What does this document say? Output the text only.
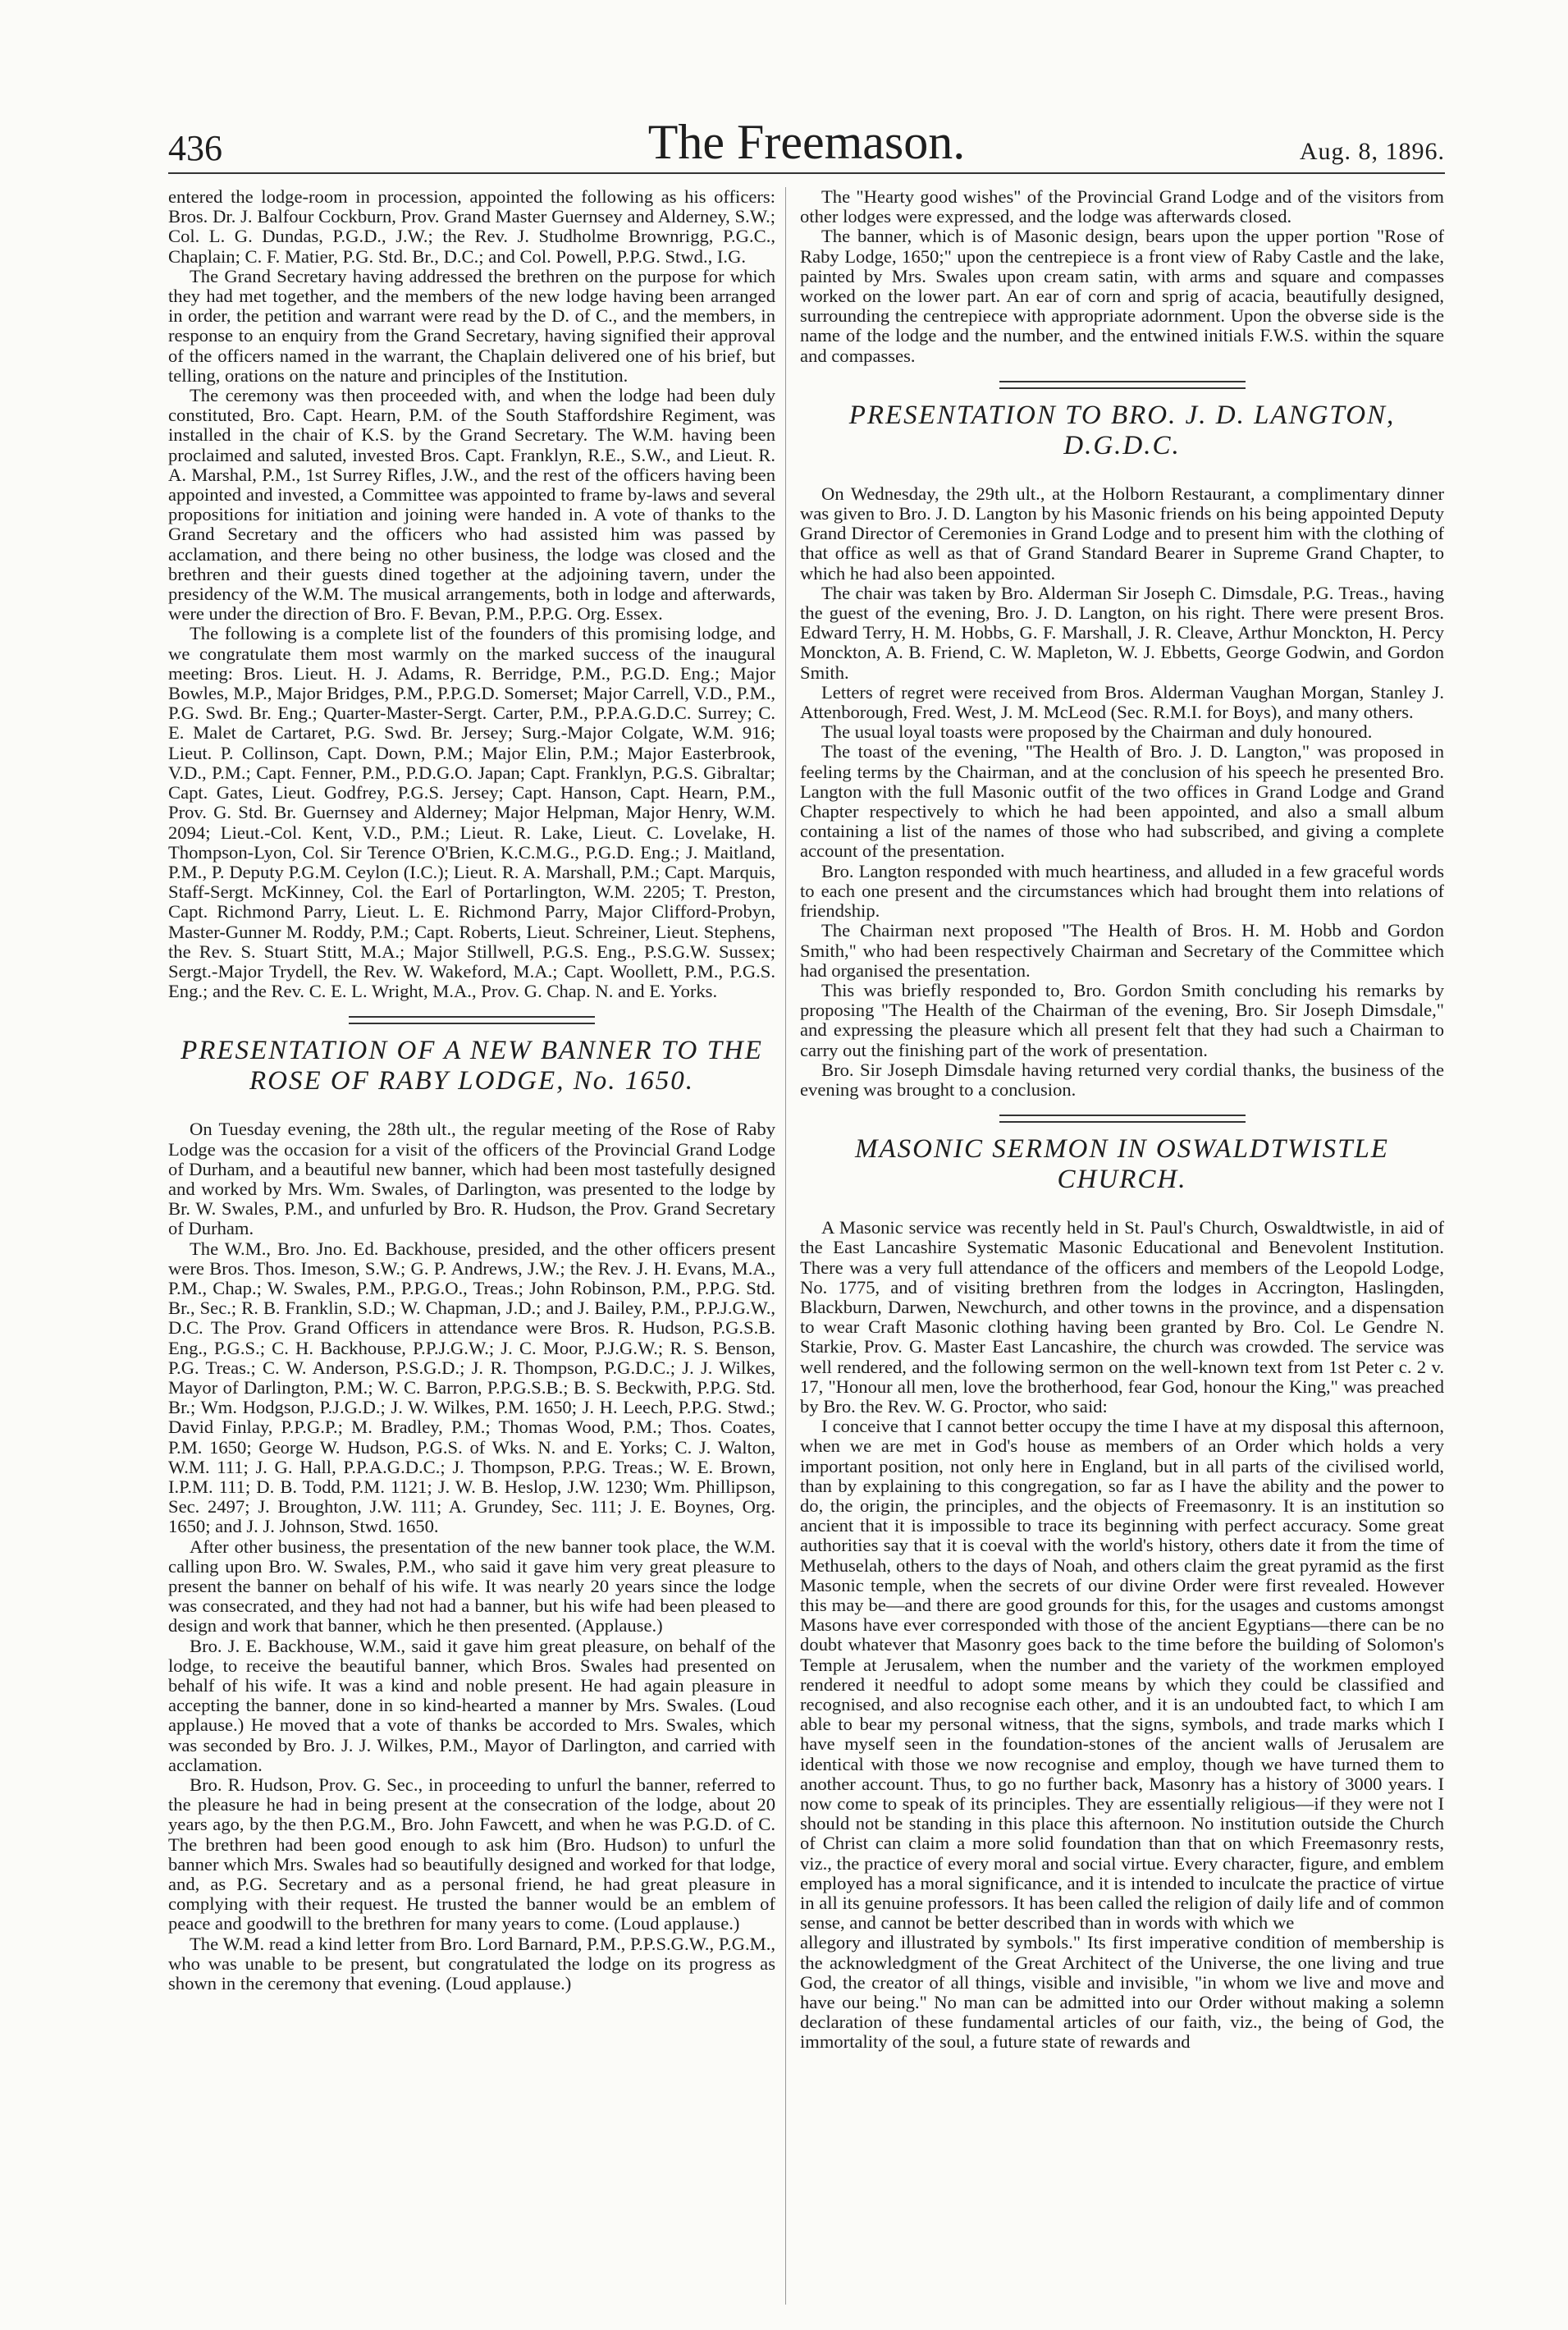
436	The Freemason.	Aug. 8, 1896.

entered the lodge-room in procession, appointed the following as his officers: Bros. Dr. J. Balfour Cockburn, Prov. Grand Master Guernsey and Alderney, S.W.; Col. L. G. Dundas, P.G.D., J.W.; the Rev. J. Studholme Brownrigg, P.G.C., Chaplain; C. F. Matier, P.G. Std. Br., D.C.; and Col. Powell, P.P.G. Stwd., I.G.

The Grand Secretary having addressed the brethren on the purpose for which they had met together, and the members of the new lodge having been arranged in order, the petition and warrant were read by the D. of C., and the members, in response to an enquiry from the Grand Secretary, having signified their approval of the officers named in the warrant, the Chaplain delivered one of his brief, but telling, orations on the nature and principles of the Institution.

The ceremony was then proceeded with, and when the lodge had been duly constituted, Bro. Capt. Hearn, P.M. of the South Staffordshire Regiment, was installed in the chair of K.S. by the Grand Secretary. The W.M. having been proclaimed and saluted, invested Bros. Capt. Franklyn, R.E., S.W., and Lieut. R. A. Marshal, P.M., 1st Surrey Rifles, J.W., and the rest of the officers having been appointed and invested, a Committee was appointed to frame by-laws and several propositions for initiation and joining were handed in. A vote of thanks to the Grand Secretary and the officers who had assisted him was passed by acclamation, and there being no other business, the lodge was closed and the brethren and their guests dined together at the adjoining tavern, under the presidency of the W.M. The musical arrangements, both in lodge and afterwards, were under the direction of Bro. F. Bevan, P.M., P.P.G. Org. Essex.

The following is a complete list of the founders of this promising lodge, and we congratulate them most warmly on the marked success of the inaugural meeting: Bros. Lieut. H. J. Adams, R. Berridge, P.M., P.G.D. Eng.; Major Bowles, M.P., Major Bridges, P.M., P.P.G.D. Somerset; Major Carrell, V.D., P.M., P.G. Swd. Br. Eng.; Quarter-Master-Sergt. Carter, P.M., P.P.A.G.D.C. Surrey; C. E. Malet de Cartaret, P.G. Swd. Br. Jersey; Surg.-Major Colgate, W.M. 916; Lieut. P. Collinson, Capt. Down, P.M.; Major Elin, P.M.; Major Easterbrook, V.D., P.M.; Capt. Fenner, P.M., P.D.G.O. Japan; Capt. Franklyn, P.G.S. Gibraltar; Capt. Gates, Lieut. Godfrey, P.G.S. Jersey; Capt. Hanson, Capt. Hearn, P.M., Prov. G. Std. Br. Guernsey and Alderney; Major Helpman, Major Henry, W.M. 2094; Lieut.-Col. Kent, V.D., P.M.; Lieut. R. Lake, Lieut. C. Lovelake, H. Thompson-Lyon, Col. Sir Terence O'Brien, K.C.M.G., P.G.D. Eng.; J. Maitland, P.M., P. Deputy P.G.M. Ceylon (I.C.); Lieut. R. A. Marshall, P.M.; Capt. Marquis, Staff-Sergt. McKinney, Col. the Earl of Portarlington, W.M. 2205; T. Preston, Capt. Richmond Parry, Lieut. L. E. Richmond Parry, Major Clifford-Probyn, Master-Gunner M. Roddy, P.M.; Capt. Roberts, Lieut. Schreiner, Lieut. Stephens, the Rev. S. Stuart Stitt, M.A.; Major Stillwell, P.G.S. Eng., P.S.G.W. Sussex; Sergt.-Major Trydell, the Rev. W. Wakeford, M.A.; Capt. Woollett, P.M., P.G.S. Eng.; and the Rev. C. E. L. Wright, M.A., Prov. G. Chap. N. and E. Yorks.

PRESENTATION OF A NEW BANNER TO THE ROSE OF RABY LODGE, No. 1650.

On Tuesday evening, the 28th ult., the regular meeting of the Rose of Raby Lodge was the occasion for a visit of the officers of the Provincial Grand Lodge of Durham, and a beautiful new banner, which had been most tastefully designed and worked by Mrs. Wm. Swales, of Darlington, was presented to the lodge by Br. W. Swales, P.M., and unfurled by Bro. R. Hudson, the Prov. Grand Secretary of Durham.

The W.M., Bro. Jno. Ed. Backhouse, presided, and the other officers present were Bros. Thos. Imeson, S.W.; G. P. Andrews, J.W.; the Rev. J. H. Evans, M.A., P.M., Chap.; W. Swales, P.M., P.P.G.O., Treas.; John Robinson, P.M., P.P.G. Std. Br., Sec.; R. B. Franklin, S.D.; W. Chapman, J.D.; and J. Bailey, P.M., P.P.J.G.W., D.C. The Prov. Grand Officers in attendance were Bros. R. Hudson, P.G.S.B. Eng., P.G.S.; C. H. Backhouse, P.P.J.G.W.; J. C. Moor, P.J.G.W.; R. S. Benson, P.G. Treas.; C. W. Anderson, P.S.G.D.; J. R. Thompson, P.G.D.C.; J. J. Wilkes, Mayor of Darlington, P.M.; W. C. Barron, P.P.G.S.B.; B. S. Beckwith, P.P.G. Std. Br.; Wm. Hodgson, P.J.G.D.; J. W. Wilkes, P.M. 1650; J. H. Leech, P.P.G. Stwd.; David Finlay, P.P.G.P.; M. Bradley, P.M.; Thomas Wood, P.M.; Thos. Coates, P.M. 1650; George W. Hudson, P.G.S. of Wks. N. and E. Yorks; C. J. Walton, W.M. 111; J. G. Hall, P.P.A.G.D.C.; J. Thompson, P.P.G. Treas.; W. E. Brown, I.P.M. 111; D. B. Todd, P.M. 1121; J. W. B. Heslop, J.W. 1230; Wm. Phillipson, Sec. 2497; J. Broughton, J.W. 111; A. Grundey, Sec. 111; J. E. Boynes, Org. 1650; and J. J. Johnson, Stwd. 1650.

After other business, the presentation of the new banner took place, the W.M. calling upon Bro. W. Swales, P.M., who said it gave him very great pleasure to present the banner on behalf of his wife. It was nearly 20 years since the lodge was consecrated, and they had not had a banner, but his wife had been pleased to design and work that banner, which he then presented. (Applause.)

Bro. J. E. Backhouse, W.M., said it gave him great pleasure, on behalf of the lodge, to receive the beautiful banner, which Bros. Swales had presented on behalf of his wife. It was a kind and noble present. He had again pleasure in accepting the banner, done in so kind-hearted a manner by Mrs. Swales. (Loud applause.) He moved that a vote of thanks be accorded to Mrs. Swales, which was seconded by Bro. J. J. Wilkes, P.M., Mayor of Darlington, and carried with acclamation.

Bro. R. Hudson, Prov. G. Sec., in proceeding to unfurl the banner, referred to the pleasure he had in being present at the consecration of the lodge, about 20 years ago, by the then P.G.M., Bro. John Fawcett, and when he was P.G.D. of C. The brethren had been good enough to ask him (Bro. Hudson) to unfurl the banner which Mrs. Swales had so beautifully designed and worked for that lodge, and, as P.G. Secretary and as a personal friend, he had great pleasure in complying with their request. He trusted the banner would be an emblem of peace and goodwill to the brethren for many years to come. (Loud applause.)

The W.M. read a kind letter from Bro. Lord Barnard, P.M., P.P.S.G.W., P.G.M., who was unable to be present, but congratulated the lodge on its progress as shown in the ceremony that evening. (Loud applause.)

The "Hearty good wishes" of the Provincial Grand Lodge and of the visitors from other lodges were expressed, and the lodge was afterwards closed.

The banner, which is of Masonic design, bears upon the upper portion "Rose of Raby Lodge, 1650;" upon the centrepiece is a front view of Raby Castle and the lake, painted by Mrs. Swales upon cream satin, with arms and square and compasses worked on the lower part. An ear of corn and sprig of acacia, beautifully designed, surrounding the centrepiece with appropriate adornment. Upon the obverse side is the name of the lodge and the number, and the entwined initials F.W.S. within the square and compasses.

PRESENTATION TO BRO. J. D. LANGTON, D.G.D.C.

On Wednesday, the 29th ult., at the Holborn Restaurant, a complimentary dinner was given to Bro. J. D. Langton by his Masonic friends on his being appointed Deputy Grand Director of Ceremonies in Grand Lodge and to present him with the clothing of that office as well as that of Grand Standard Bearer in Supreme Grand Chapter, to which he had also been appointed.

The chair was taken by Bro. Alderman Sir Joseph C. Dimsdale, P.G. Treas., having the guest of the evening, Bro. J. D. Langton, on his right. There were present Bros. Edward Terry, H. M. Hobbs, G. F. Marshall, J. R. Cleave, Arthur Monckton, H. Percy Monckton, A. B. Friend, C. W. Mapleton, W. J. Ebbetts, George Godwin, and Gordon Smith.

Letters of regret were received from Bros. Alderman Vaughan Morgan, Stanley J. Attenborough, Fred. West, J. M. McLeod (Sec. R.M.I. for Boys), and many others.

The usual loyal toasts were proposed by the Chairman and duly honoured.

The toast of the evening, "The Health of Bro. J. D. Langton," was proposed in feeling terms by the Chairman, and at the conclusion of his speech he presented Bro. Langton with the full Masonic outfit of the two offices in Grand Lodge and Grand Chapter respectively to which he had been appointed, and also a small album containing a list of the names of those who had subscribed, and giving a complete account of the presentation.

Bro. Langton responded with much heartiness, and alluded in a few graceful words to each one present and the circumstances which had brought them into relations of friendship.

The Chairman next proposed "The Health of Bros. H. M. Hobb and Gordon Smith," who had been respectively Chairman and Secretary of the Committee which had organised the presentation.

This was briefly responded to, Bro. Gordon Smith concluding his remarks by proposing "The Health of the Chairman of the evening, Bro. Sir Joseph Dimsdale," and expressing the pleasure which all present felt that they had such a Chairman to carry out the finishing part of the work of presentation.

Bro. Sir Joseph Dimsdale having returned very cordial thanks, the business of the evening was brought to a conclusion.

MASONIC SERMON IN OSWALDTWISTLE CHURCH.

A Masonic service was recently held in St. Paul's Church, Oswaldtwistle, in aid of the East Lancashire Systematic Masonic Educational and Benevolent Institution. There was a very full attendance of the officers and members of the Leopold Lodge, No. 1775, and of visiting brethren from the lodges in Accrington, Haslingden, Blackburn, Darwen, Newchurch, and other towns in the province, and a dispensation to wear Craft Masonic clothing having been granted by Bro. Col. Le Gendre N. Starkie, Prov. G. Master East Lancashire, the church was crowded. The service was well rendered, and the following sermon on the well-known text from 1st Peter c. 2 v. 17, "Honour all men, love the brotherhood, fear God, honour the King," was preached by Bro. the Rev. W. G. Proctor, who said:

I conceive that I cannot better occupy the time I have at my disposal this afternoon, when we are met in God's house as members of an Order which holds a very important position, not only here in England, but in all parts of the civilised world, than by explaining to this congregation, so far as I have the ability and the power to do, the origin, the principles, and the objects of Freemasonry. It is an institution so ancient that it is impossible to trace its beginning with perfect accuracy. Some great authorities say that it is coeval with the world's history, others date it from the time of Methuselah, others to the days of Noah, and others claim the great pyramid as the first Masonic temple, when the secrets of our divine Order were first revealed. However this may be—and there are good grounds for this, for the usages and customs amongst Masons have ever corresponded with those of the ancient Egyptians—there can be no doubt whatever that Masonry goes back to the time before the building of Solomon's Temple at Jerusalem, when the number and the variety of the workmen employed rendered it needful to adopt some means by which they could be classified and recognised, and also recognise each other, and it is an undoubted fact, to which I am able to bear my personal witness, that the signs, symbols, and trade marks which I have myself seen in the foundation-stones of the ancient walls of Jerusalem are identical with those we now recognise and employ, though we have turned them to another account. Thus, to go no further back, Masonry has a history of 3000 years. I now come to speak of its principles. They are essentially religious—if they were not I should not be standing in this place this afternoon. No institution outside the Church of Christ can claim a more solid foundation than that on which Freemasonry rests, viz., the practice of every moral and social virtue. Every character, figure, and emblem employed has a moral significance, and it is intended to inculcate the practice of virtue in all its genuine professors. It has been called the religion of daily life and of common sense, and cannot be better described than in words with which we

allegory and illustrated by symbols." Its first imperative condition of membership is the acknowledgment of the Great Architect of the Universe, the one living and true God, the creator of all things, visible and invisible, "in whom we live and move and have our being." No man can be admitted into our Order without making a solemn declaration of these fundamental articles of our faith, viz., the being of God, the immortality of the soul, a future state of rewards and
